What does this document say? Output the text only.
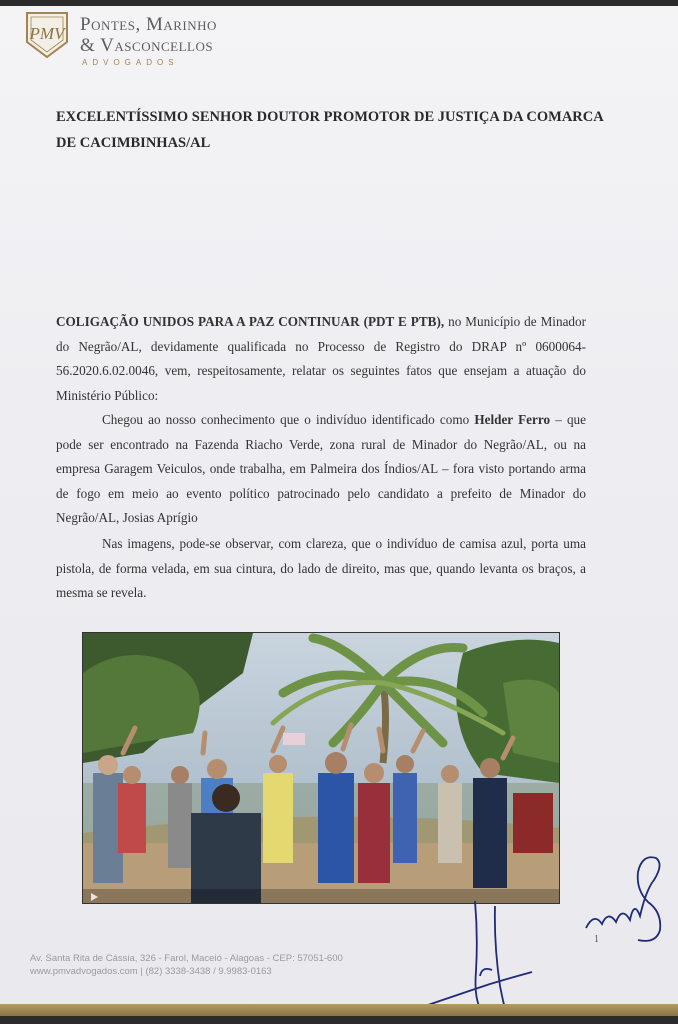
PMV Pontes, Marinho
& Vasconcellos
ADVOGADOS
EXCELENTÍSSIMO SENHOR DOUTOR PROMOTOR DE JUSTIÇA DA COMARCA
DE CACIMBINHAS/AL
COLIGAÇÃO UNIDOS PARA A PAZ CONTINUAR (PDT E PTB), no Município de Minador do Negrão/AL, devidamente qualificada no Processo de Registro do DRAP nº 0600064-56.2020.6.02.0046, vem, respeitosamente, relatar os seguintes fatos que ensejam a atuação do Ministério Público:
Chegou ao nosso conhecimento que o indivíduo identificado como Helder Ferro – que pode ser encontrado na Fazenda Riacho Verde, zona rural de Minador do Negrão/AL, ou na empresa Garagem Veiculos, onde trabalha, em Palmeira dos Índios/AL – fora visto portando arma de fogo em meio ao evento político patrocinado pelo candidato a prefeito de Minador do Negrão/AL, Josias Aprígio
Nas imagens, pode-se observar, com clareza, que o indivíduo de camisa azul, porta uma pistola, de forma velada, em sua cintura, do lado de direito, mas que, quando levanta os braços, a mesma se revela.
Av. Santa Rita de Cássia, 326 - Farol, Maceió - Alagoas - CEP: 57051-600
www.pmvadvogados.com | (82) 3338-3438 / 9.9983-0163
1
